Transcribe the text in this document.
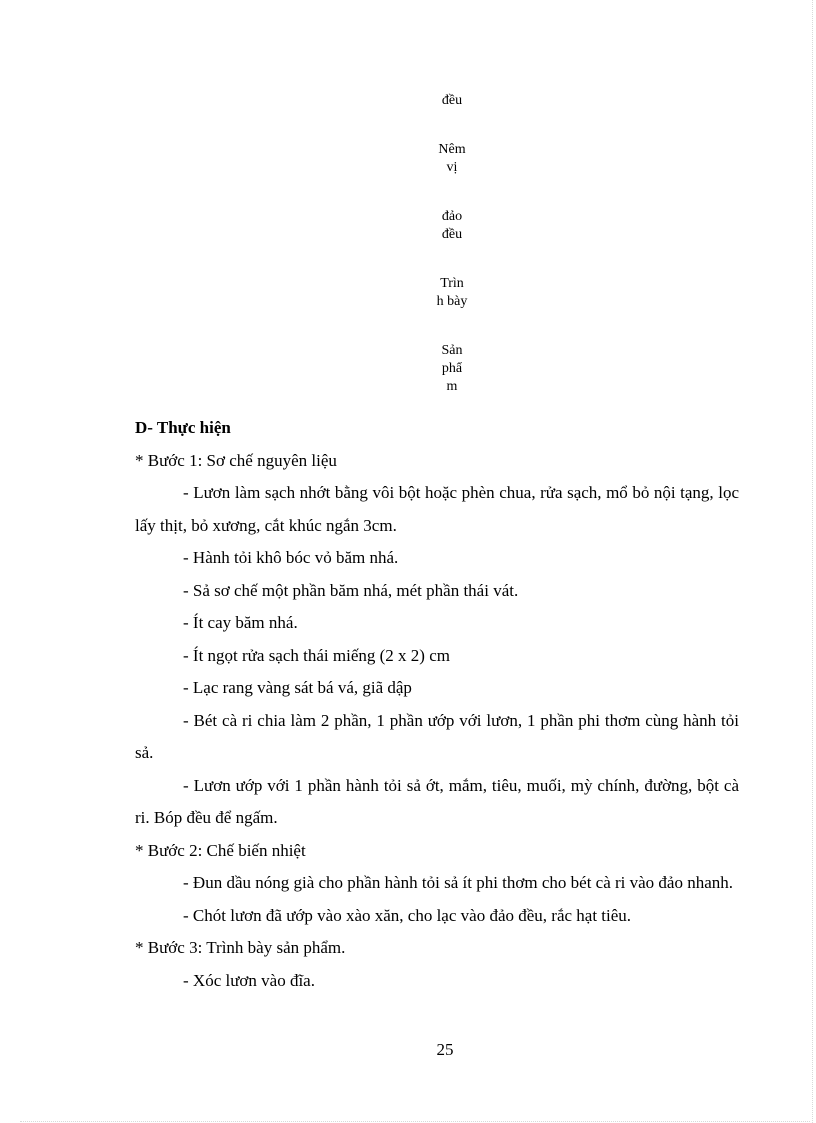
đều
Nêm
vị
đảo
đều
Trìn
h bày
Sản
phẩ
m

D- Thực hiện

* Bước 1: Sơ chế nguyên liệu

- Lươn làm sạch nhớt bằng vôi bột hoặc phèn chua, rửa sạch, mổ bỏ nội tạng, lọc lấy thịt, bỏ xương, cắt khúc ngắn 3cm.

- Hành tỏi khô bóc vỏ băm nhá.

- Sả sơ chế một phần băm nhá, mét phần thái vát.

- Ít cay băm nhá.

- Ít ngọt rửa sạch thái miếng (2 x 2) cm

- Lạc rang vàng sát bá vá, giã dập

- Bét cà ri chia làm 2 phần, 1 phần ướp với lươn, 1 phần phi thơm cùng hành tỏi sả.

- Lươn ướp với 1 phần hành tỏi sả ớt, mắm, tiêu, muối, mỳ chính, đường, bột cà ri. Bóp đều để ngấm.

* Bước 2: Chế biến nhiệt

- Đun dầu nóng già cho phần hành tỏi sả ít phi thơm cho bét cà ri vào đảo nhanh.

- Chót lươn đã ướp vào xào xăn, cho lạc vào đảo đều, rắc hạt tiêu.

* Bước 3: Trình bày sản phẩm.

- Xóc lươn vào đĩa.

25
